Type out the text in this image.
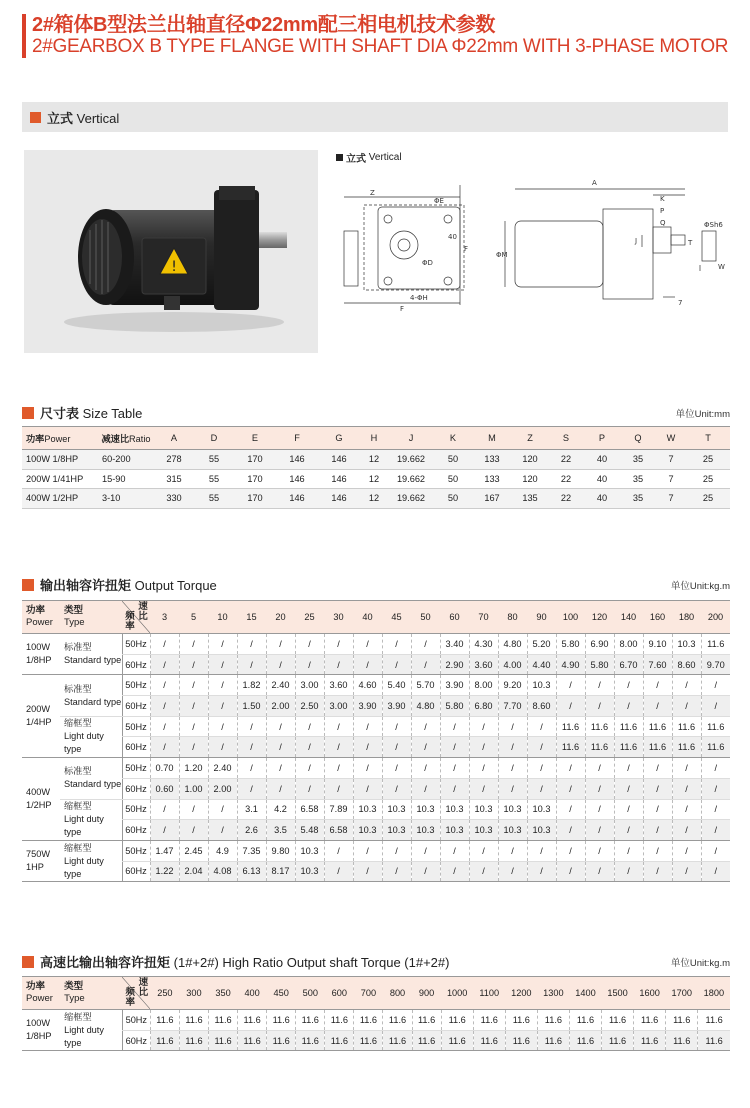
2#箱体B型法兰出轴直径Φ22mm配三相电机技术参数
2#GEARBOX B TYPE FLANGE WITH SHAFT DIA Φ22mm WITH 3-PHASE MOTOR
立式 Vertical
!
立式
Vertical
Z
ΦE
40
ΦD
F
4-ΦH
F
A
K
P
Q
ΦM
J	T
7
ΦSh6
W
尺寸表 Size Table	单位Unit:mm
功率Power	减速比Ratio	A	D	E	F	G	H	J	K	M	Z	S	P	Q	W	T
100W 1/8HP	60-200	278	55	170	146	146	12	19.662	50	133	120	22	40	35	7	25
200W 1/41HP	15-90	315	55	170	146	146	12	19.662	50	133	120	22	40	35	7	25
400W 1/2HP	3-10	330	55	170	146	146	12	19.662	50	167	135	22	40	35	7	25
输出轴容许扭矩 Output Torque	单位Unit:kg.m
功率
Power	类型
Type	速比
频率	3	5	10	15	20	25	30	40	45	50	60	70	80	90	100	120	140	160	180	200
100W
1/8HP	标准型
Standard type	50Hz	/	/	/	/	/	/	/	/	/	/	3.40	4.30	4.80	5.20	5.80	6.90	8.00	9.10	10.3	11.6
		60Hz	/	/	/	/	/	/	/	/	/	/	2.90	3.60	4.00	4.40	4.90	5.80	6.70	7.60	8.60	9.70
200W
1/4HP	标准型
Standard type	50Hz	/	/	/	1.82	2.40	3.00	3.60	4.60	5.40	5.70	3.90	8.00	9.20	10.3	/	/	/	/	/	/
		60Hz	/	/	/	1.50	2.00	2.50	3.00	3.90	3.90	4.80	5.80	6.80	7.70	8.60	/	/	/	/	/	/
	缩框型
Light duty type	50Hz	/	/	/	/	/	/	/	/	/	/	/	/	/	/	11.6	11.6	11.6	11.6	11.6	11.6
		60Hz	/	/	/	/	/	/	/	/	/	/	/	/	/	/	11.6	11.6	11.6	11.6	11.6	11.6
400W
1/2HP	标准型
Standard type	50Hz	0.70	1.20	2.40	/	/	/	/	/	/	/	/	/	/	/	/	/	/	/	/	/
		60Hz	0.60	1.00	2.00	/	/	/	/	/	/	/	/	/	/	/	/	/	/	/	/	/
	缩框型
Light duty type	50Hz	/	/	/	3.1	4.2	6.58	7.89	10.3	10.3	10.3	10.3	10.3	10.3	10.3	/	/	/	/	/	/
		60Hz	/	/	/	2.6	3.5	5.48	6.58	10.3	10.3	10.3	10.3	10.3	10.3	10.3	/	/	/	/	/	/
750W
1HP	缩框型
Light duty type	50Hz	1.47	2.45	4.9	7.35	9.80	10.3	/	/	/	/	/	/	/	/	/	/	/	/	/	/
		60Hz	1.22	2.04	4.08	6.13	8.17	10.3	/	/	/	/	/	/	/	/	/	/	/	/	/	/
高速比输出轴容许扭矩 (1#+2#) High Ratio Output shaft Torque (1#+2#)	单位Unit:kg.m
功率
Power	类型
Type	速比
频率	250	300	350	400	450	500	600	700	800	900	1000	1100	1200	1300	1400	1500	1600	1700	1800
100W
1/8HP	缩框型
Light duty type	50Hz	11.6	11.6	11.6	11.6	11.6	11.6	11.6	11.6	11.6	11.6	11.6	11.6	11.6	11.6	11.6	11.6	11.6	11.6	11.6
		60Hz	11.6	11.6	11.6	11.6	11.6	11.6	11.6	11.6	11.6	11.6	11.6	11.6	11.6	11.6	11.6	11.6	11.6	11.6	11.6
